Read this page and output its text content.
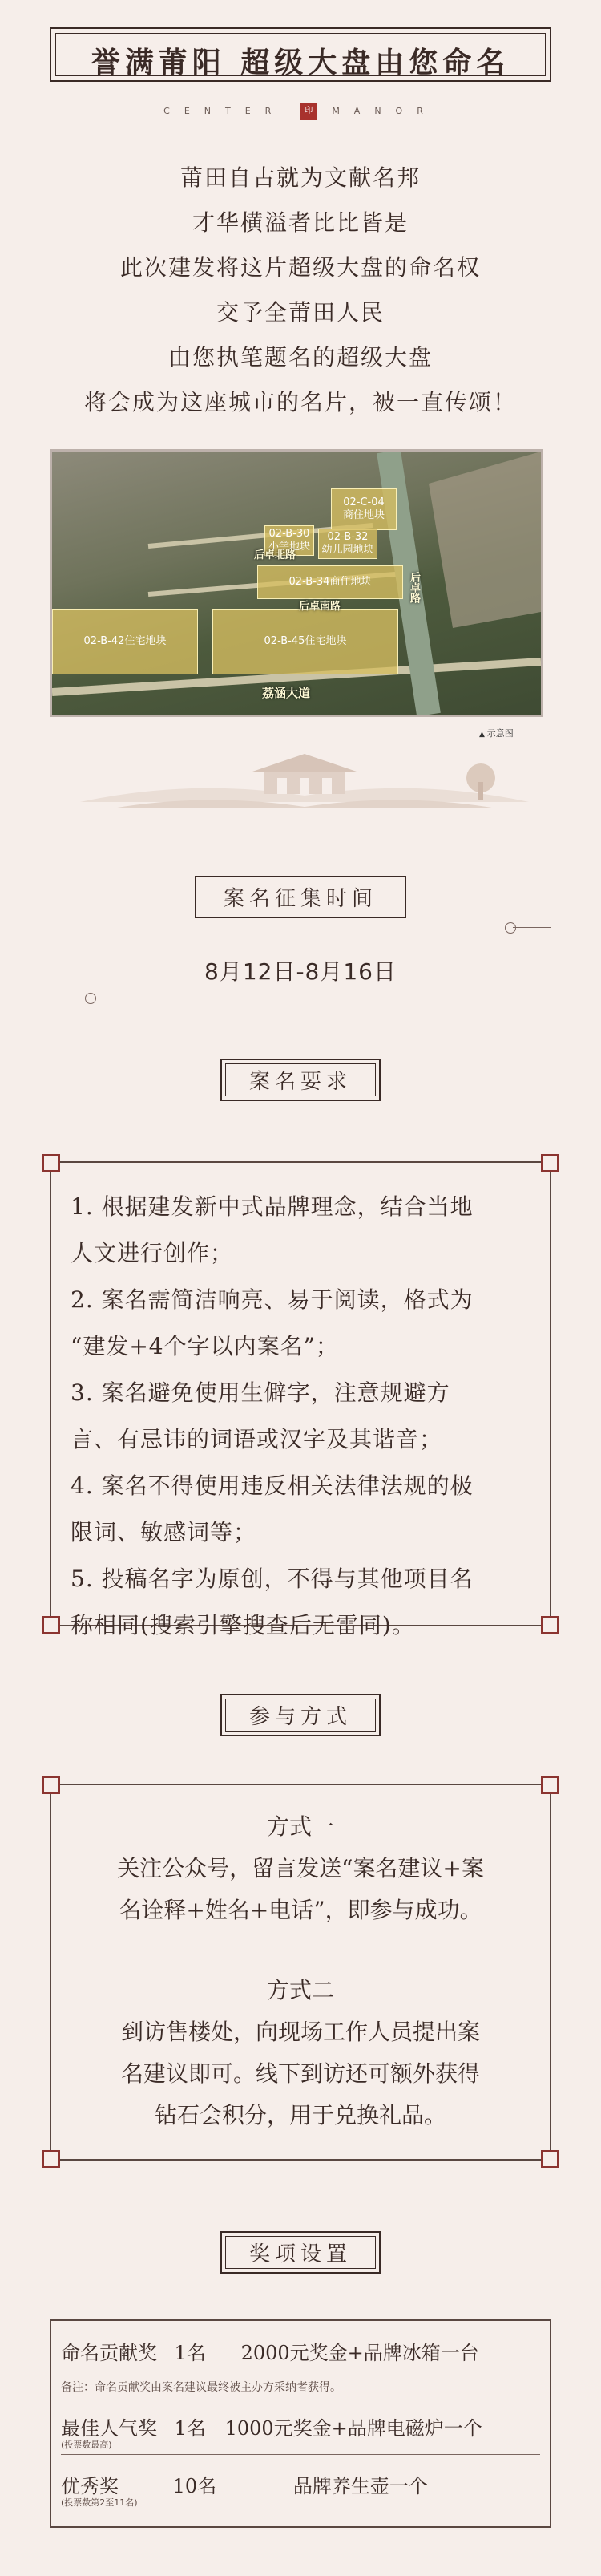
誉满莆阳 超级大盘由您命名
CENTER 印 MANOR
莆田自古就为文献名邦
才华横溢者比比皆是
此次建发将这片超级大盘的命名权
交予全莆田人民
由您执笔题名的超级大盘
将会成为这座城市的名片，被一直传颂！
02-C-04
商住地块
02-B-30
小学地块
02-B-32
幼儿园地块
02-B-34商住地块
02-B-45住宅地块
02-B-42住宅地块
后卓北路
后卓南路
荔涵大道
后卓路
▲ 示意图
案名征集时间
8月12日-8月16日
案名要求

1. 根据建发新中式品牌理念，结合当地

人文进行创作；

2. 案名需简洁响亮、易于阅读，格式为

“建发+4个字以内案名”；

3. 案名避免使用生僻字，注意规避方

言、有忌讳的词语或汉字及其谐音；

4. 案名不得使用违反相关法律法规的极

限词、敏感词等；

5. 投稿名字为原创，不得与其他项目名

称相同(搜索引擎搜查后无雷同)。

参与方式
方式一
关注公众号，留言发送“案名建议+案
名诠释+姓名+电话”，即参与成功。
方式二
到访售楼处，向现场工作人员提出案
名建议即可。线下到访还可额外获得
钻石会积分，用于兑换礼品。
奖项设置
命名贡献奖 1名 2000元奖金+品牌冰箱一台
备注：命名贡献奖由案名建议最终被主办方采纳者获得。
最佳人气奖 1名 1000元奖金+品牌电磁炉一个
(投票数最高)
优秀奖	10名	品牌养生壶一个
(投票数第2至11名)
